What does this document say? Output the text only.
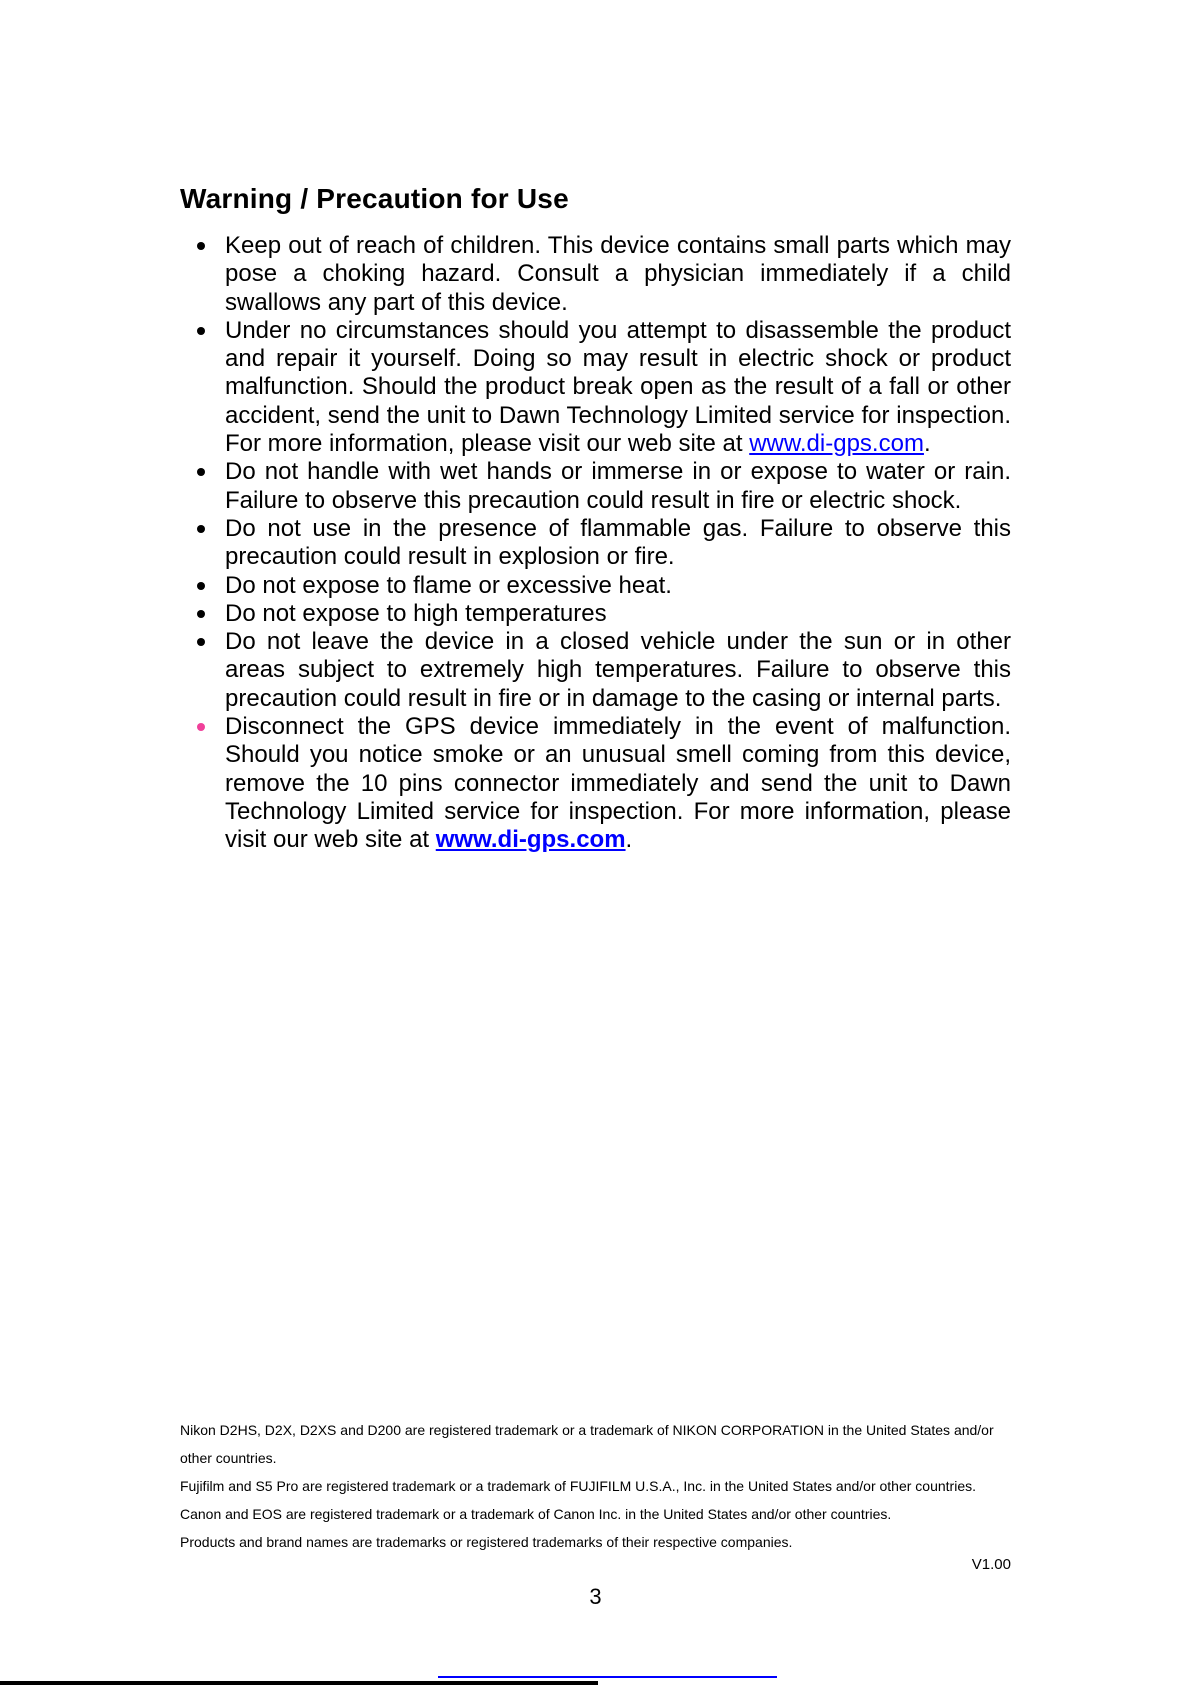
Warning / Precaution for Use
Keep out of reach of children. This device contains small parts which may pose a choking hazard. Consult a physician immediately if a child swallows any part of this device.
Under no circumstances should you attempt to disassemble the product and repair it yourself. Doing so may result in electric shock or product malfunction. Should the product break open as the result of a fall or other accident, send the unit to Dawn Technology Limited service for inspection. For more information, please visit our web site at www.di-gps.com.
Do not handle with wet hands or immerse in or expose to water or rain. Failure to observe this precaution could result in fire or electric shock.
Do not use in the presence of flammable gas. Failure to observe this precaution could result in explosion or fire.
Do not expose to flame or excessive heat.
Do not expose to high temperatures
Do not leave the device in a closed vehicle under the sun or in other areas subject to extremely high temperatures. Failure to observe this precaution could result in fire or in damage to the casing or internal parts.
Disconnect the GPS device immediately in the event of malfunction. Should you notice smoke or an unusual smell coming from this device, remove the 10 pins connector immediately and send the unit to Dawn Technology Limited service for inspection. For more information, please visit our web site at www.di-gps.com.

Nikon D2HS, D2X, D2XS and D200 are registered trademark or a trademark of NIKON CORPORATION in the United States and/or other countries.

Fujifilm and S5 Pro are registered trademark or a trademark of FUJIFILM U.S.A., Inc. in the United States and/or other countries.

Canon and EOS are registered trademark or a trademark of Canon Inc. in the United States and/or other countries.

Products and brand names are trademarks or registered trademarks of their respective companies.

V1.00
3
